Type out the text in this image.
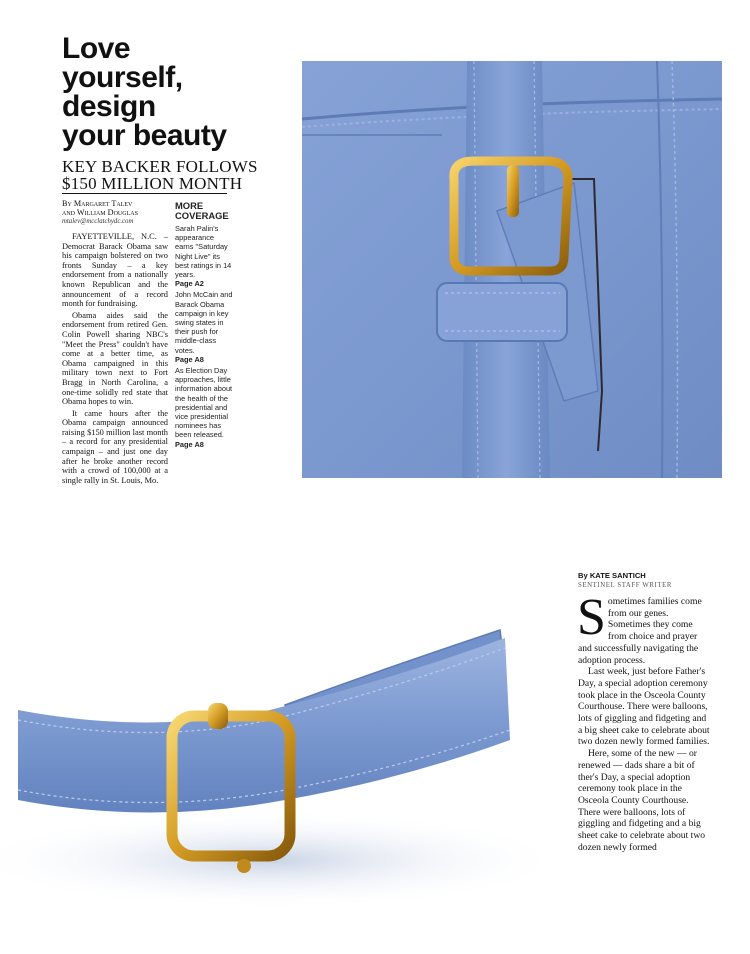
Love
yourself,
design
your beauty
KEY BACKER FOLLOWS
$150 MILLION MONTH
By Margaret Talev
and William Douglas
mtalev@mcclatchydc.com

FAYETTEVILLE, N.C. – Democrat Barack Obama saw his campaign bolstered on two fronts Sunday – a key endorsement from a nationally known Republican and the announcement of a record month for fundraising.

Obama aides said the endorsement from retired Gen. Colin Powell sharing NBC's "Meet the Press" couldn't have come at a better time, as Obama campaigned in this military town next to Fort Bragg in North Carolina, a one-time solidly red state that Obama hopes to win.

It came hours after the Obama campaign announced raising $150 million last month – a record for any presidential campaign – and just one day after he broke another record with a crowd of 100,000 at a single rally in St. Louis, Mo.

MORE
COVERAGE

Sarah Palin's appearance earns "Saturday Night Live" its best ratings in 14 years.

Page A2

John McCain and Barack Obama campaign in key swing states in their push for middle-class votes.

Page A8

As Election Day approaches, little information about the health of the presidential and vice presidential nominees has been released.

Page A8

By KATE SANTICH
SENTINEL STAFF WRITER

Sometimes families come from our genes. Sometimes they come from choice and prayer and successfully navigating the adoption process.

Last week, just before Father's Day, a special adoption ceremony took place in the Osceola County Courthouse. There were balloons, lots of giggling and fidgeting and a big sheet cake to celebrate about two dozen newly formed families.

Here, some of the new — or renewed — dads share a bit of ther's Day, a special adoption ceremony took place in the Osceola County Courthouse. There were balloons, lots of giggling and fidgeting and a big sheet cake to celebrate about two dozen newly formed
